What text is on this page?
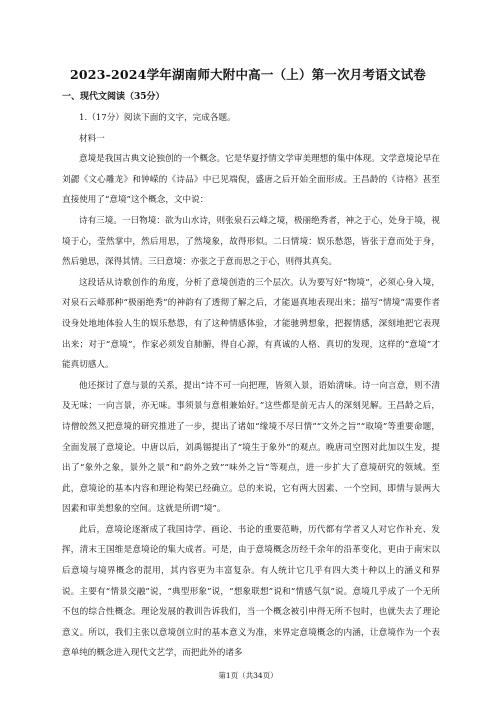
2023-2024学年湖南师大附中高一（上）第一次月考语文试卷
一、现代文阅读（35分）

1.（17分）阅读下面的文字，完成各题。

材料一

意境是我国古典文论独创的一个概念。它是华夏抒情文学审美理想的集中体现。文学意境论早在刘勰《文心雕龙》和钟嵘的《诗品》中已见端倪，盛唐之后开始全面形成。王昌龄的《诗格》甚至直接使用了“意境”这个概念，文中说：

诗有三境。一曰物境：欲为山水诗，则张泉石云峰之境，极丽绝秀者，神之于心，处身于境，视境于心，莹然掌中，然后用思，了然境象，故得形似。二曰情境：娱乐愁怨，皆张于意而处于身，然后驰思，深得其情。三曰意境：亦张之于意而思之于心，则得其真矣。

这段话从诗歌创作的角度，分析了意境创造的三个层次。认为要写好“物境”，必须心身入境，对泉石云峰那种“极丽绝秀”的神韵有了透彻了解之后，才能逼真地表现出来；描写“情境”需要作者设身处地地体验人生的娱乐愁怨，有了这种情感体验，才能驰骋想象，把握情感，深刻地把它表现出来；对于“意境”，作家必须发自肺腑，得自心源，有真诚的人格、真切的发现，这样的“意境”才能真切感人。

他还探讨了意与景的关系，提出“诗不可一向把理，皆须入景，语始清味。诗一向言意，则不清及无味；一向言景，亦无味。事须景与意相兼始好。”这些都是前无古人的深刻见解。王昌龄之后，诗僧皎然又把意境的研究推进了一步，提出了诸如“缘境不尽曰情”“文外之旨”“取境”等重要命题，全面发展了意境论。中唐以后，刘禹锡提出了“境生于象外”的观点。晚唐司空图对此加以生发，提出了“象外之象，景外之景”和“韵外之致”“味外之旨”等观点，进一步扩大了意境研究的领域。至此，意境论的基本内容和理论构架已经确立。总的来说，它有两大因素、一个空间，即情与景两大因素和审美想象的空间。这就是所谓“境”。

此后，意境论逐渐成了我国诗学、画论、书论的重要范畴，历代都有学者又人对它作补充、发挥，清末王国维是意境论的集大成者。可是，由于意境概念历经千余年的沿革变化，更由于南宋以后意境与境界概念的混用，其内容更为丰富复杂。有人统计它几乎有四大类十种以上的涵义和界说。主要有“情景交融”说，“典型形象”说，“想象联想”说和“情感气氛”说。意境几乎成了一个无所不包的综合性概念。理论发展的教训告诉我们，当一个概念被引申得无所不包时，也就失去了理论意义。所以，我们主张以意境创立时的基本意义为准，来界定意境概念的内涵，让意境作为一个表意单纯的概念进入现代文艺学，而把此外的诸多

第1页（共34页）
